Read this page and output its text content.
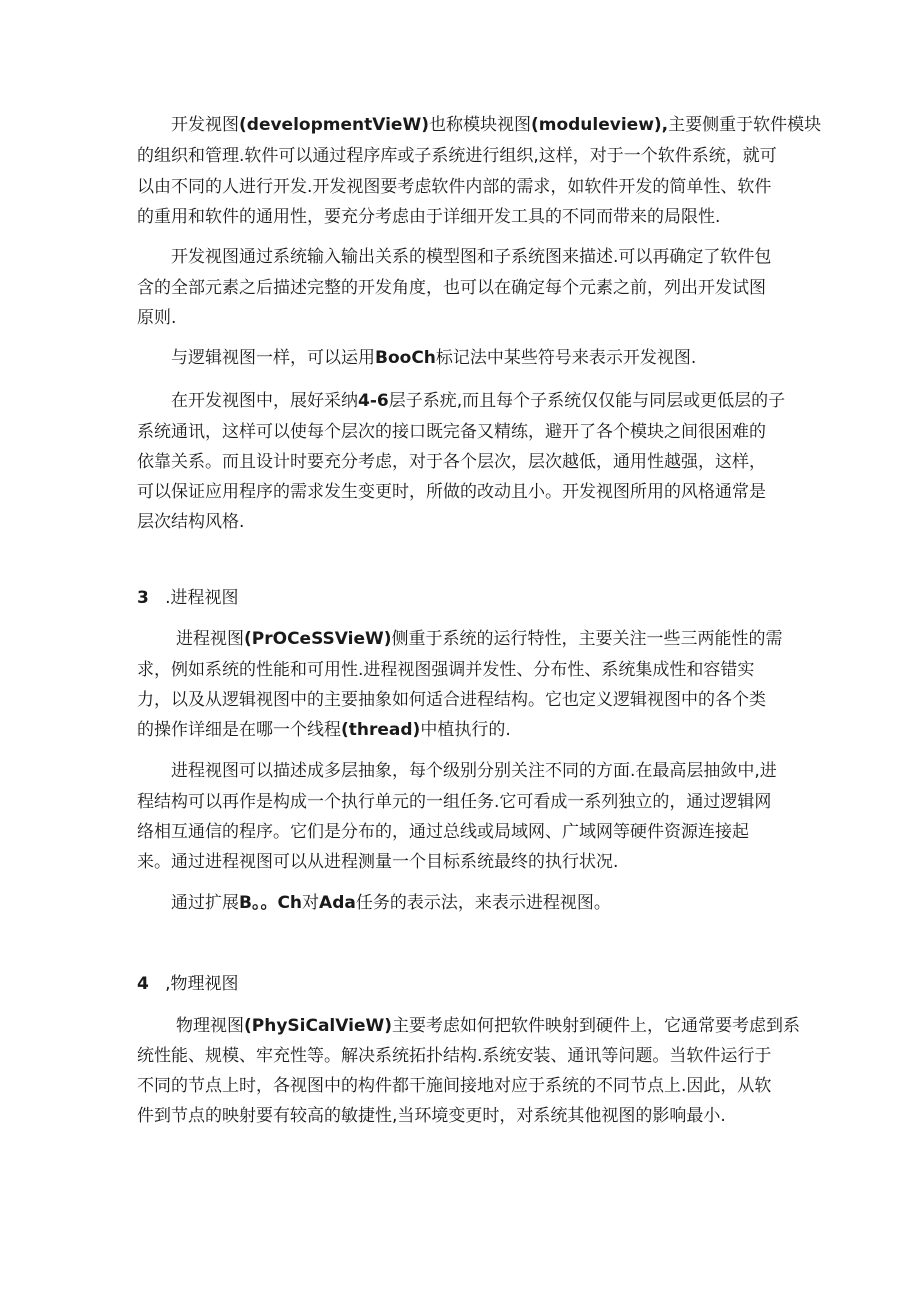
开发视图(developmentVieW)也称模块视图(moduleview),主要侧重于软件模块
的组织和管理.软件可以通过程序库或子系统进行组织,这样，对于一个软件系统，就可
以由不同的人进行开发.开发视图要考虑软件内部的需求，如软件开发的简单性、软件
的重用和软件的通用性，要充分考虑由于详细开发工具的不同而带来的局限性.
开发视图通过系统输入输出关系的模型图和子系统图来描述.可以再确定了软件包
含的全部元素之后描述完整的开发角度，也可以在确定每个元素之前，列出开发试图
原则.
与逻辑视图一样，可以运用BooCh标记法中某些符号来表示开发视图.
在开发视图中，展好采纳4-6层子系疣,而且每个子系统仅仅能与同层或更低层的子
系统通讯，这样可以使每个层次的接口既完备又精练，避开了各个模块之间很困难的
依靠关系。而且设计时要充分考虑，对于各个层次，层次越低，通用性越强，这样，
可以保证应用程序的需求发生变更时，所做的改动且小。开发视图所用的风格通常是
层次结构风格.
3 .进程视图
进程视图(PrOCeSSVieW)侧重于系统的运行特性，主要关注一些三两能性的需
求，例如系统的性能和可用性.进程视图强调并发性、分布性、系统集成性和容错实
力，以及从逻辑视图中的主要抽象如何适合进程结构。它也定义逻辑视图中的各个类
的操作详细是在哪一个线程(thread)中植执行的.
进程视图可以描述成多层抽象，每个级别分别关注不同的方面.在最高层抽敛中,进
程结构可以再作是构成一个执行单元的一组任务.它可看成一系列独立的，通过逻辑网
络相互通信的程序。它们是分布的，通过总线或局域网、广域网等硬件资源连接起
来。通过进程视图可以从进程测量一个目标系统最终的执行状况.
通过扩展B。。Ch对Ada任务的表示法，来表示进程视图。
4 ,物理视图
物理视图(PhySiCalVieW)主要考虑如何把软件映射到硬件上，它通常要考虑到系
统性能、规模、牢充性等。解决系统拓扑结构.系统安装、通讯等问题。当软件运行于
不同的节点上时，各视图中的构件都干施间接地对应于系统的不同节点上.因此，从软
件到节点的映射要有较高的敏捷性,当环境变更时，对系统其他视图的影响最小.
